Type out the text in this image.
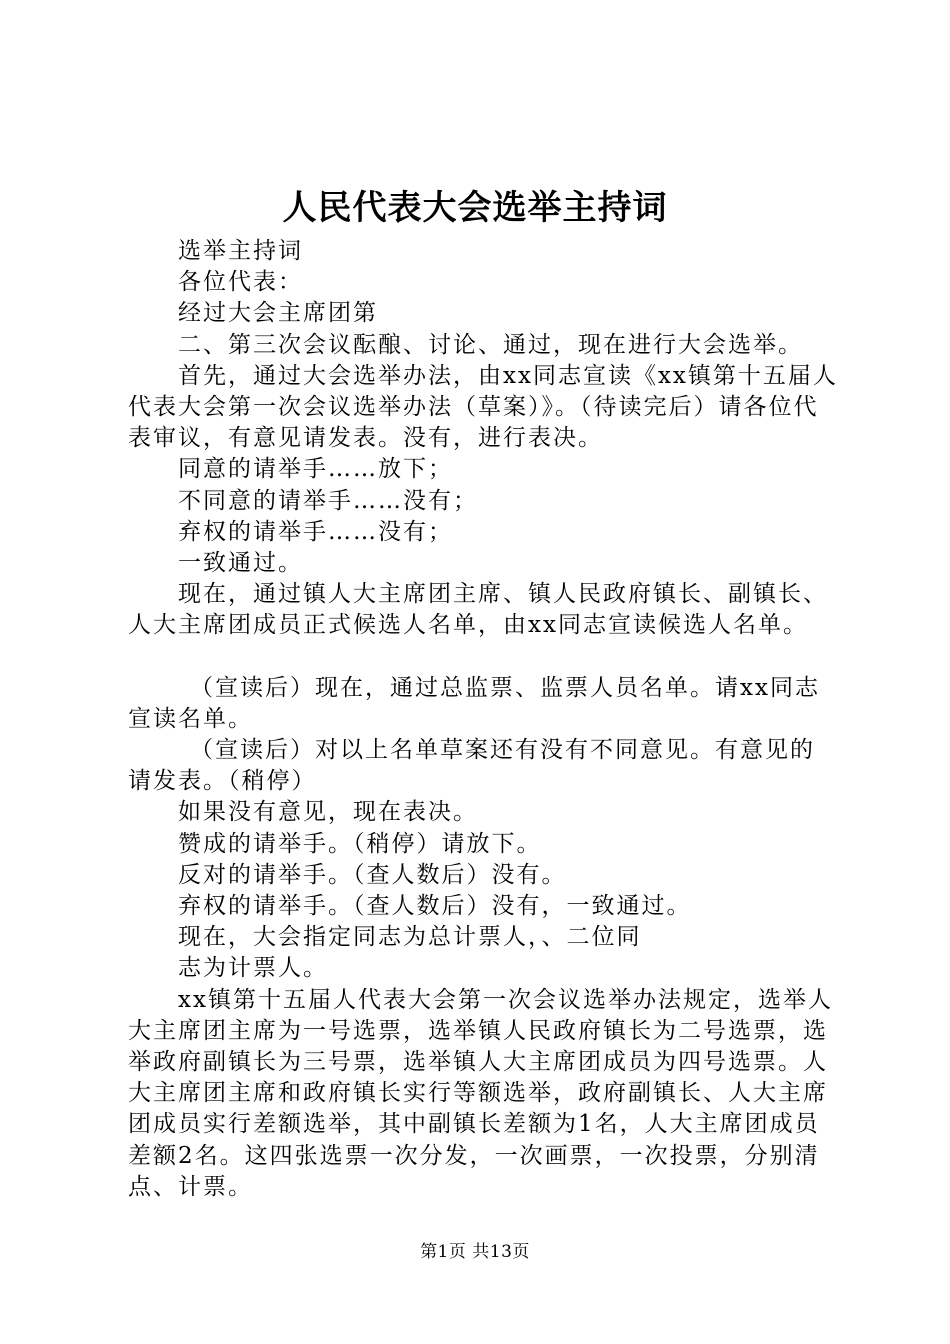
人民代表大会选举主持词

选举主持词

各位代表：

经过大会主席团第

二、第三次会议酝酿、讨论、通过，现在进行大会选举。

首先，通过大会选举办法，由xx同志宣读《xx镇第十五届人代表大会第一次会议选举办法（草案）》。（待读完后）请各位代表审议，有意见请发表。没有，进行表决。

同意的请举手……放下；

不同意的请举手……没有；

弃权的请举手……没有；

一致通过。

现在，通过镇人大主席团主席、镇人民政府镇长、副镇长、人大主席团成员正式候选人名单，由xx同志宣读候选人名单。

（宣读后）现在，通过总监票、监票人员名单。请xx同志宣读名单。

（宣读后）对以上名单草案还有没有不同意见。有意见的请发表。（稍停）

如果没有意见，现在表决。

赞成的请举手。（稍停）请放下。

反对的请举手。（查人数后）没有。

弃权的请举手。（查人数后）没有，一致通过。

现在，大会指定同志为总计票人，、二位同

志为计票人。

xx镇第十五届人代表大会第一次会议选举办法规定，选举人大主席团主席为一号选票，选举镇人民政府镇长为二号选票，选举政府副镇长为三号票，选举镇人大主席团成员为四号选票。人大主席团主席和政府镇长实行等额选举，政府副镇长、人大主席团成员实行差额选举，其中副镇长差额为1名，人大主席团成员差额2名。这四张选票一次分发，一次画票，一次投票，分别清点、计票。

第1页 共13页
